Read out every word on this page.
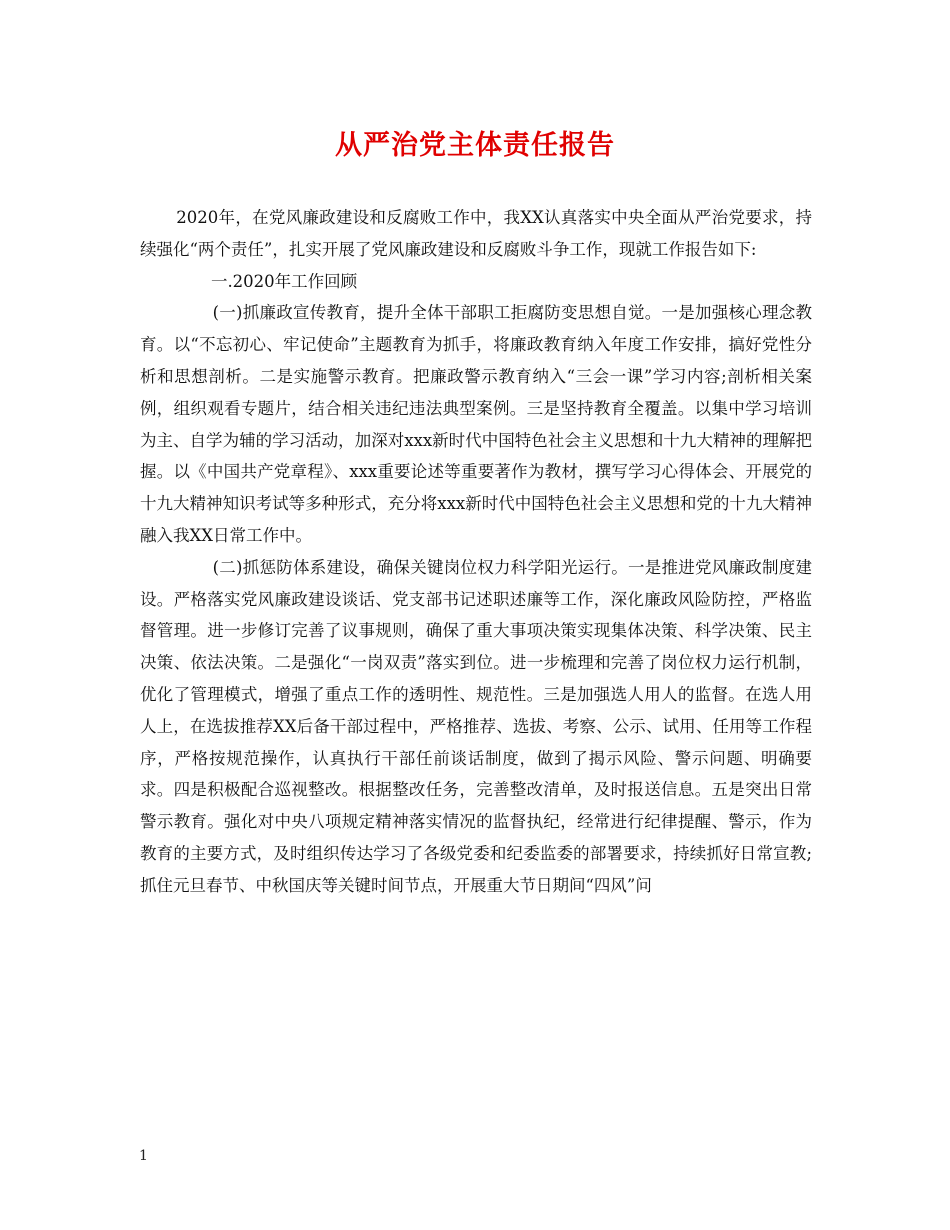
从严治党主体责任报告

2020年，在党风廉政建设和反腐败工作中，我XX认真落实中央全面从严治党要求，持续强化“两个责任”，扎实开展了党风廉政建设和反腐败斗争工作，现就工作报告如下:

一.2020年工作回顾

(一)抓廉政宣传教育，提升全体干部职工拒腐防变思想自觉。一是加强核心理念教育。以“不忘初心、牢记使命”主题教育为抓手，将廉政教育纳入年度工作安排，搞好党性分析和思想剖析。二是实施警示教育。把廉政警示教育纳入“三会一课”学习内容;剖析相关案例，组织观看专题片，结合相关违纪违法典型案例。三是坚持教育全覆盖。以集中学习培训为主、自学为辅的学习活动，加深对xxx新时代中国特色社会主义思想和十九大精神的理解把握。以《中国共产党章程》、xxx重要论述等重要著作为教材，撰写学习心得体会、开展党的十九大精神知识考试等多种形式，充分将xxx新时代中国特色社会主义思想和党的十九大精神融入我XX日常工作中。

(二)抓惩防体系建设，确保关键岗位权力科学阳光运行。一是推进党风廉政制度建设。严格落实党风廉政建设谈话、党支部书记述职述廉等工作，深化廉政风险防控，严格监督管理。进一步修订完善了议事规则，确保了重大事项决策实现集体决策、科学决策、民主决策、依法决策。二是强化“一岗双责”落实到位。进一步梳理和完善了岗位权力运行机制，优化了管理模式，增强了重点工作的透明性、规范性。三是加强选人用人的监督。在选人用人上，在选拔推荐XX后备干部过程中，严格推荐、选拔、考察、公示、试用、任用等工作程序，严格按规范操作，认真执行干部任前谈话制度，做到了揭示风险、警示问题、明确要求。四是积极配合巡视整改。根据整改任务，完善整改清单，及时报送信息。五是突出日常警示教育。强化对中央八项规定精神落实情况的监督执纪，经常进行纪律提醒、警示，作为教育的主要方式，及时组织传达学习了各级党委和纪委监委的部署要求，持续抓好日常宣教;抓住元旦春节、中秋国庆等关键时间节点，开展重大节日期间“四风”问

1
